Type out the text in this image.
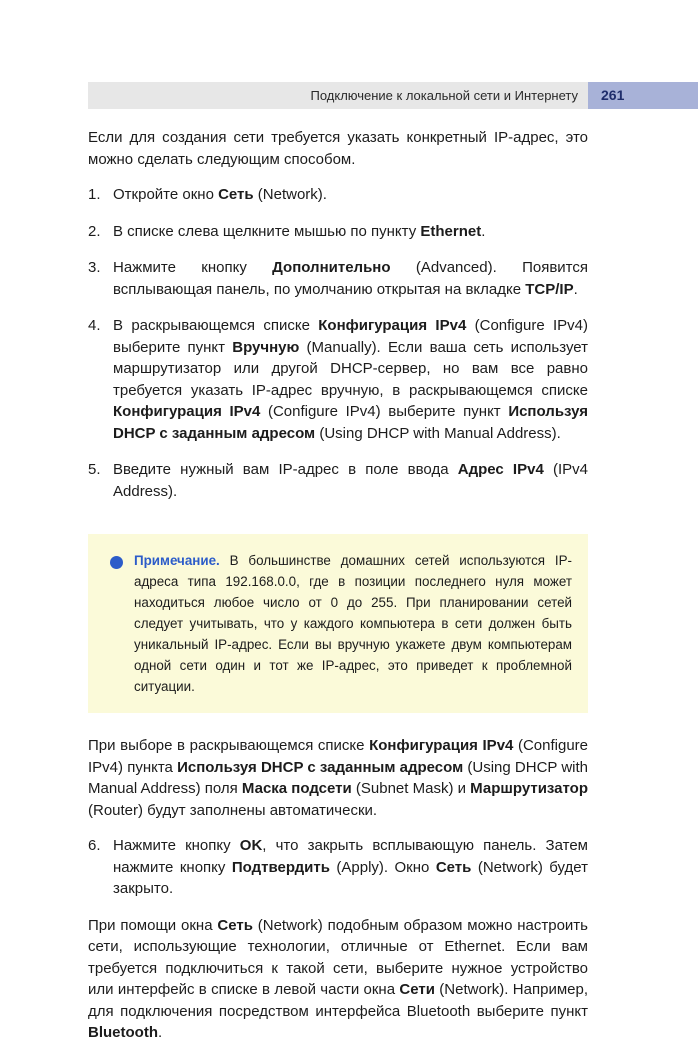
Подключение к локальной сети и Интернету 261

Если для создания сети требуется указать конкретный IP-адрес, это можно сделать следующим способом.

1. Откройте окно Сеть (Network).
2. В списке слева щелкните мышью по пункту Ethernet.
3. Нажмите кнопку Дополнительно (Advanced). Появится всплывающая панель, по умолчанию открытая на вкладке TCP/IP.
4. В раскрывающемся списке Конфигурация IPv4 (Configure IPv4) выберите пункт Вручную (Manually). Если ваша сеть использует маршрутизатор или другой DHCP-сервер, но вам все равно требуется указать IP-адрес вручную, в раскрывающемся списке Конфигурация IPv4 (Configure IPv4) выберите пункт Используя DHCP с заданным адресом (Using DHCP with Manual Address).
5. Введите нужный вам IP-адрес в поле ввода Адрес IPv4 (IPv4 Address).
Примечание. В большинстве домашних сетей используются IP-адреса типа 192.168.0.0, где в позиции последнего нуля может находиться любое число от 0 до 255. При планировании сетей следует учитывать, что у каждого компьютера в сети должен быть уникальный IP-адрес. Если вы вручную укажете двум компьютерам одной сети один и тот же IP-адрес, это приведет к проблемной ситуации.

При выборе в раскрывающемся списке Конфигурация IPv4 (Configure IPv4) пункта Используя DHCP с заданным адресом (Using DHCP with Manual Address) поля Маска подсети (Subnet Mask) и Маршрутизатор (Router) будут заполнены автоматически.

6. Нажмите кнопку OK, что закрыть всплывающую панель. Затем нажмите кнопку Подтвердить (Apply). Окно Сеть (Network) будет закрыто.

При помощи окна Сеть (Network) подобным образом можно настроить сети, использующие технологии, отличные от Ethernet. Если вам требуется подключиться к такой сети, выберите нужное устройство или интерфейс в списке в левой части окна Сети (Network). Например, для подключения посредством интерфейса Bluetooth выберите пункт Bluetooth.
